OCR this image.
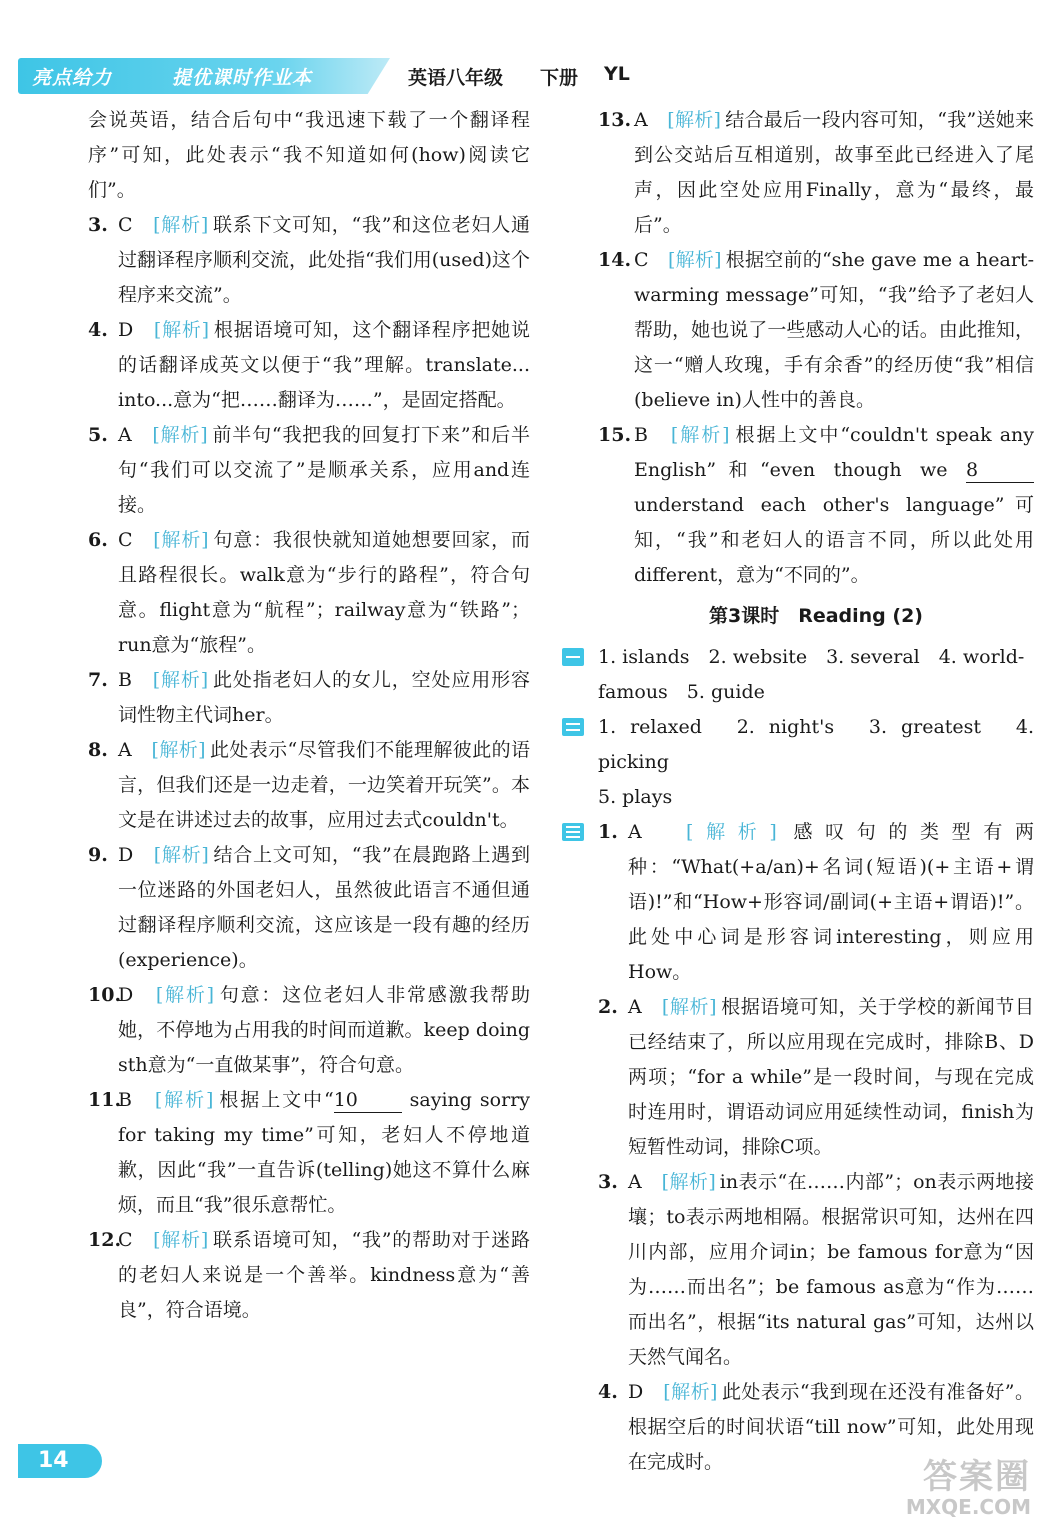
亮点给力	提优课时作业本	英语八年级 下册 YL

会说英语，结合后句中“我迅速下载了一个翻译程序”可知，此处表示“我不知道如何(how)阅读它们”。

3. C　 [解析] 联系下文可知，“我”和这位老妇人通过翻译程序顺利交流，此处指“我们用(used)这个程序来交流”。

4. D　 [解析] 根据语境可知，这个翻译程序把她说的话翻译成英文以便于“我”理解。translate... into...意为“把……翻译为……”，是固定搭配。

5. A　 [解析] 前半句“我把我的回复打下来”和后半句“我们可以交流了”是顺承关系，应用and连接。

6. C　 [解析] 句意：我很快就知道她想要回家，而且路程很长。walk意为“步行的路程”，符合句意。flight意为“航程”；railway意为“铁路”；run意为“旅程”。

7. B　 [解析] 此处指老妇人的女儿，空处应用形容词性物主代词her。

8. A　 [解析] 此处表示“尽管我们不能理解彼此的语言，但我们还是一边走着，一边笑着开玩笑”。本文是在讲述过去的故事，应用过去式couldn't。

9. D　 [解析] 结合上文可知，“我”在晨跑路上遇到一位迷路的外国老妇人，虽然彼此语言不通但通过翻译程序顺利交流，这应该是一段有趣的经历(experience)。

10.
D　 [解析] 句意：这位老妇人非常感激我帮助她，不停地为占用我的时间而道歉。keep doing sth意为“一直做某事”，符合句意。

11.
B　 [解析] 根据上文中“10 saying sorry for taking my time”可知，老妇人不停地道歉，因此“我”一直告诉(telling)她这不算什么麻烦，而且“我”很乐意帮忙。

12.
C　 [解析] 联系语境可知，“我”的帮助对于迷路的老妇人来说是一个善举。kindness意为“善良”，符合语境。

13. A　 [解析] 结合最后一段内容可知，“我”送她来到公交站后互相道别，故事至此已经进入了尾声，因此空处应用Finally，意为“最终，最后”。

14. C　 [解析] 根据空前的“she gave me a heart-warming message”可知，“我”给予了老妇人帮助，她也说了一些感动人心的话。由此推知，这一“赠人玫瑰，手有余香”的经历使“我”相信(believe in)人性中的善良。

15. B　 [解析] 根据上文中“couldn't speak any English”和“even though we 8 understand each other's language”可知，“我”和老妇人的语言不同，所以此处用different，意为“不同的”。

第3课时　Reading (2)

1. islands　2. website　3. several　4. world-

famous　5. guide

1. relaxed　2. night's　3. greatest　4. picking

5. plays

1. A　 [解析] 感叹句的类型有两种：“What(+a/an)+名词(短语)(+主语+谓语)!”和“How+形容词/副词(+主语+谓语)!”。此处中心词是形容词interesting，则应用How。

2. A　 [解析] 根据语境可知，关于学校的新闻节目已经结束了，所以应用现在完成时，排除B、D两项；“for a while”是一段时间，与现在完成时连用时，谓语动词应用延续性动词，finish为短暂性动词，排除C项。

3. A　 [解析] in表示“在……内部”；on表示两地接壤；to表示两地相隔。根据常识可知，达州在四川内部，应用介词in；be famous for意为“因为……而出名”；be famous as意为“作为……而出名”，根据“its natural gas”可知，达州以天然气闻名。

4. D　 [解析] 此处表示“我到现在还没有准备好”。根据空后的时间状语“till now”可知，此处用现在完成时。

14	答案圈
MXQE.COM
